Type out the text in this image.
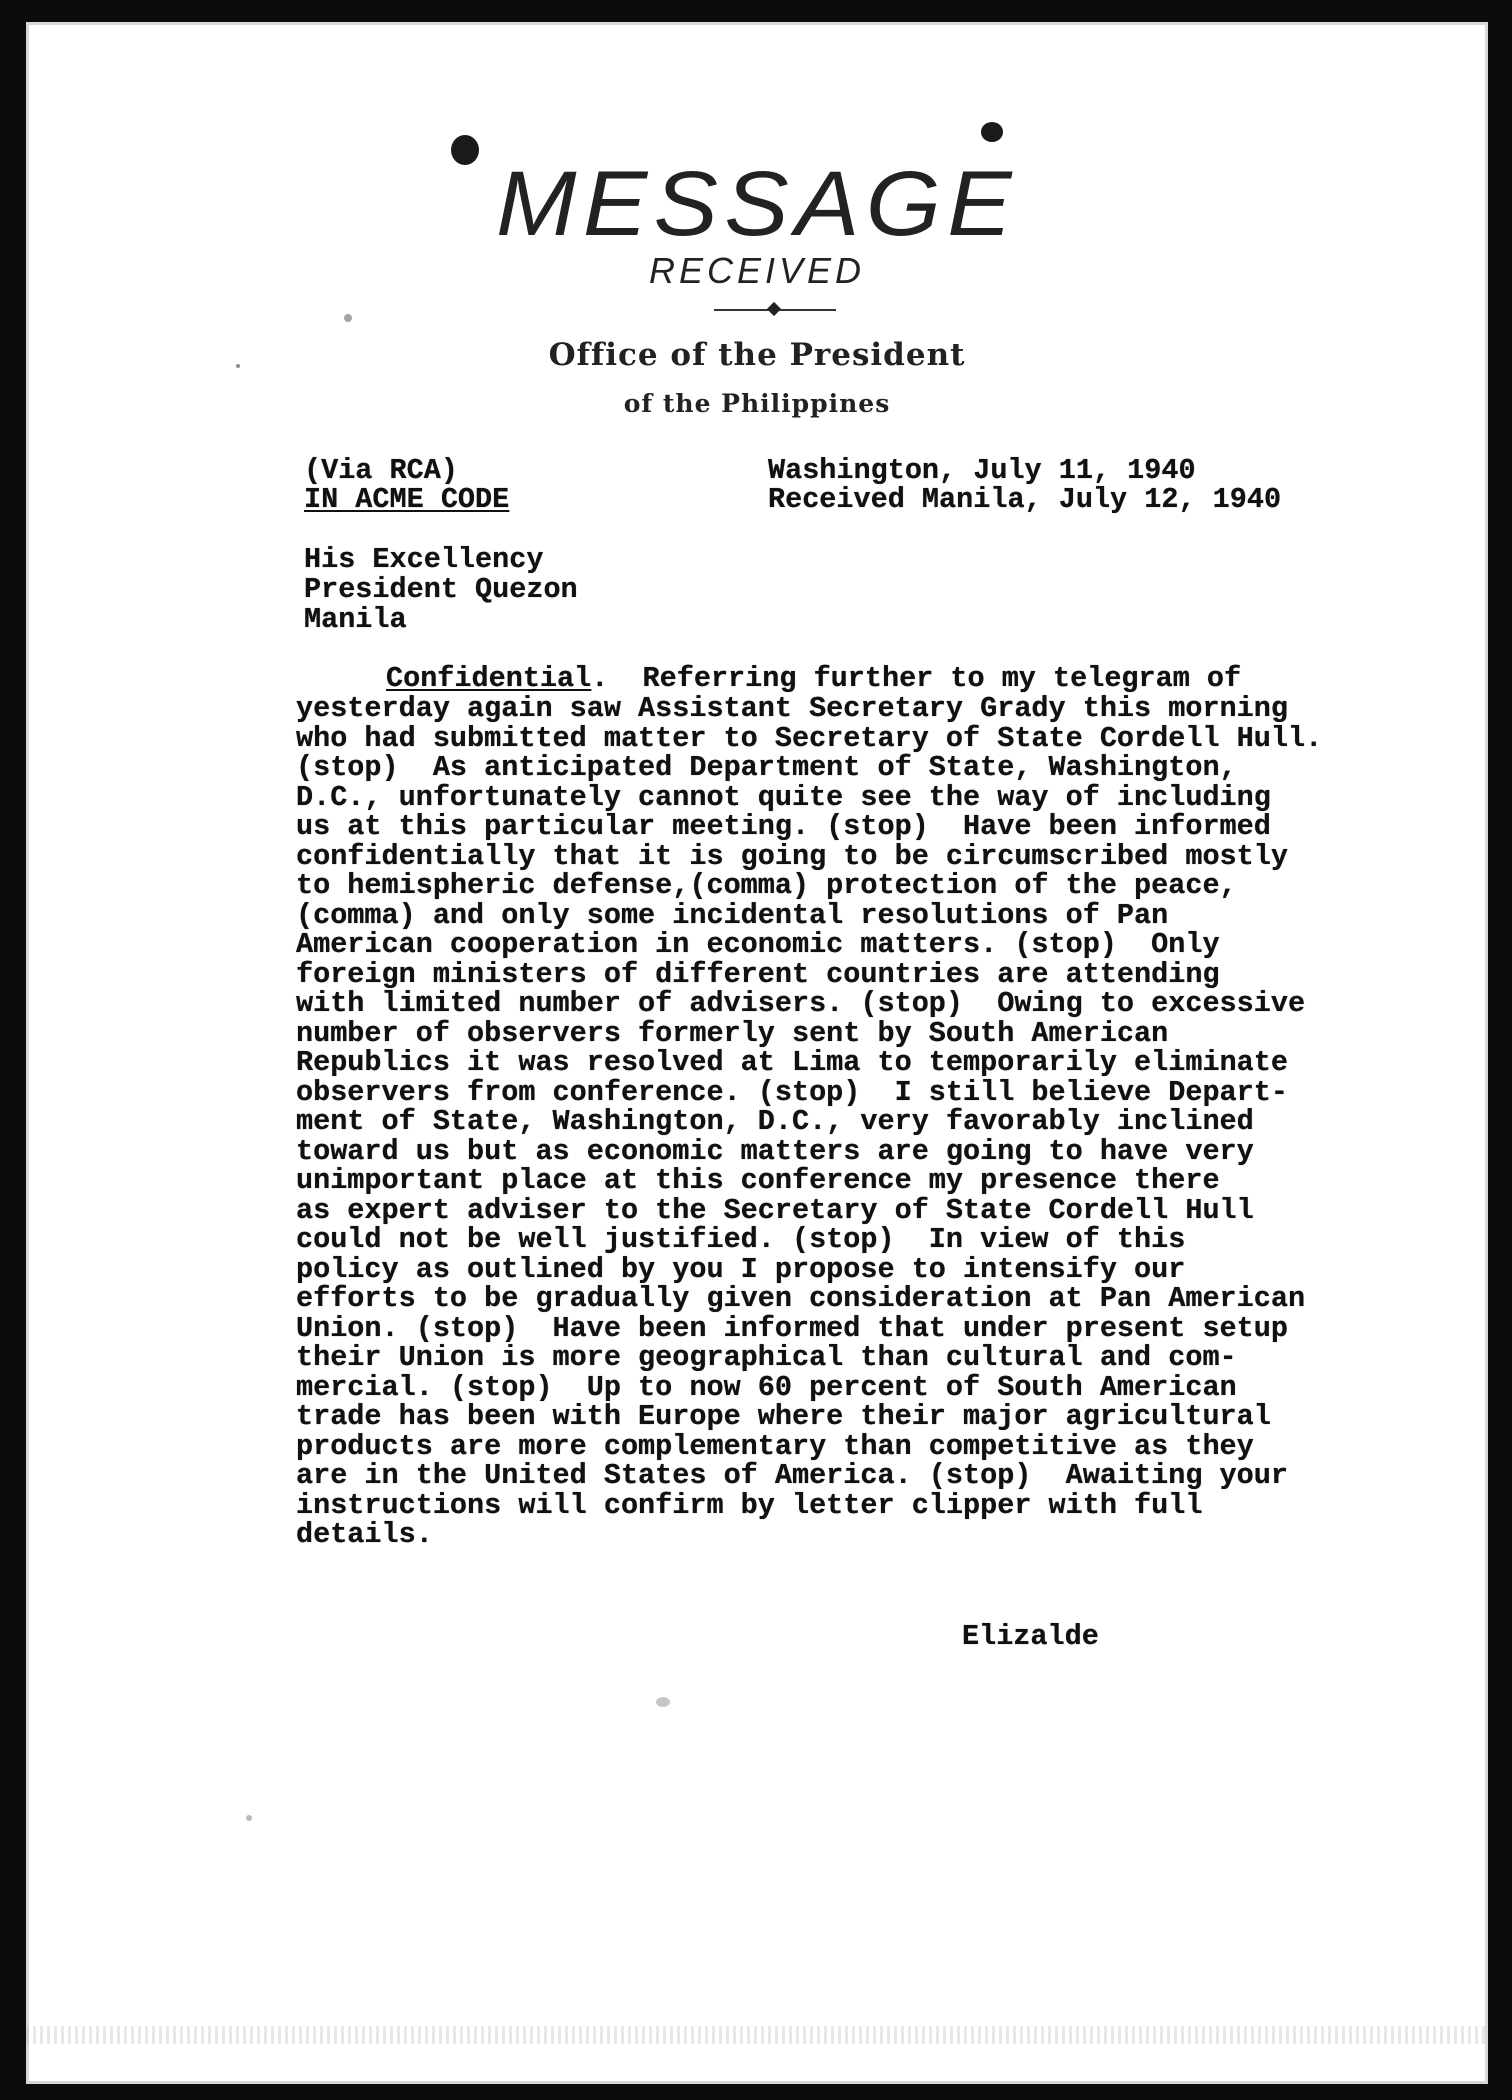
MESSAGE
RECEIVED
Office of the President
of the Philippines
(Via RCA)
IN ACME CODE
Washington, July 11, 1940
Received Manila, July 12, 1940
His Excellency
President Quezon
Manila
Confidential.  Referring further to my telegram of
yesterday again saw Assistant Secretary Grady this morning
who had submitted matter to Secretary of State Cordell Hull.
(stop)  As anticipated Department of State, Washington,
D.C., unfortunately cannot quite see the way of including
us at this particular meeting. (stop)  Have been informed
confidentially that it is going to be circumscribed mostly
to hemispheric defense,(comma) protection of the peace,
(comma) and only some incidental resolutions of Pan
American cooperation in economic matters. (stop)  Only
foreign ministers of different countries are attending
with limited number of advisers. (stop)  Owing to excessive
number of observers formerly sent by South American
Republics it was resolved at Lima to temporarily eliminate
observers from conference. (stop)  I still believe Depart-
ment of State, Washington, D.C., very favorably inclined
toward us but as economic matters are going to have very
unimportant place at this conference my presence there
as expert adviser to the Secretary of State Cordell Hull
could not be well justified. (stop)  In view of this
policy as outlined by you I propose to intensify our
efforts to be gradually given consideration at Pan American
Union. (stop)  Have been informed that under present setup
their Union is more geographical than cultural and com-
mercial. (stop)  Up to now 60 percent of South American
trade has been with Europe where their major agricultural
products are more complementary than competitive as they
are in the United States of America. (stop)  Awaiting your
instructions will confirm by letter clipper with full
details.
Elizalde
